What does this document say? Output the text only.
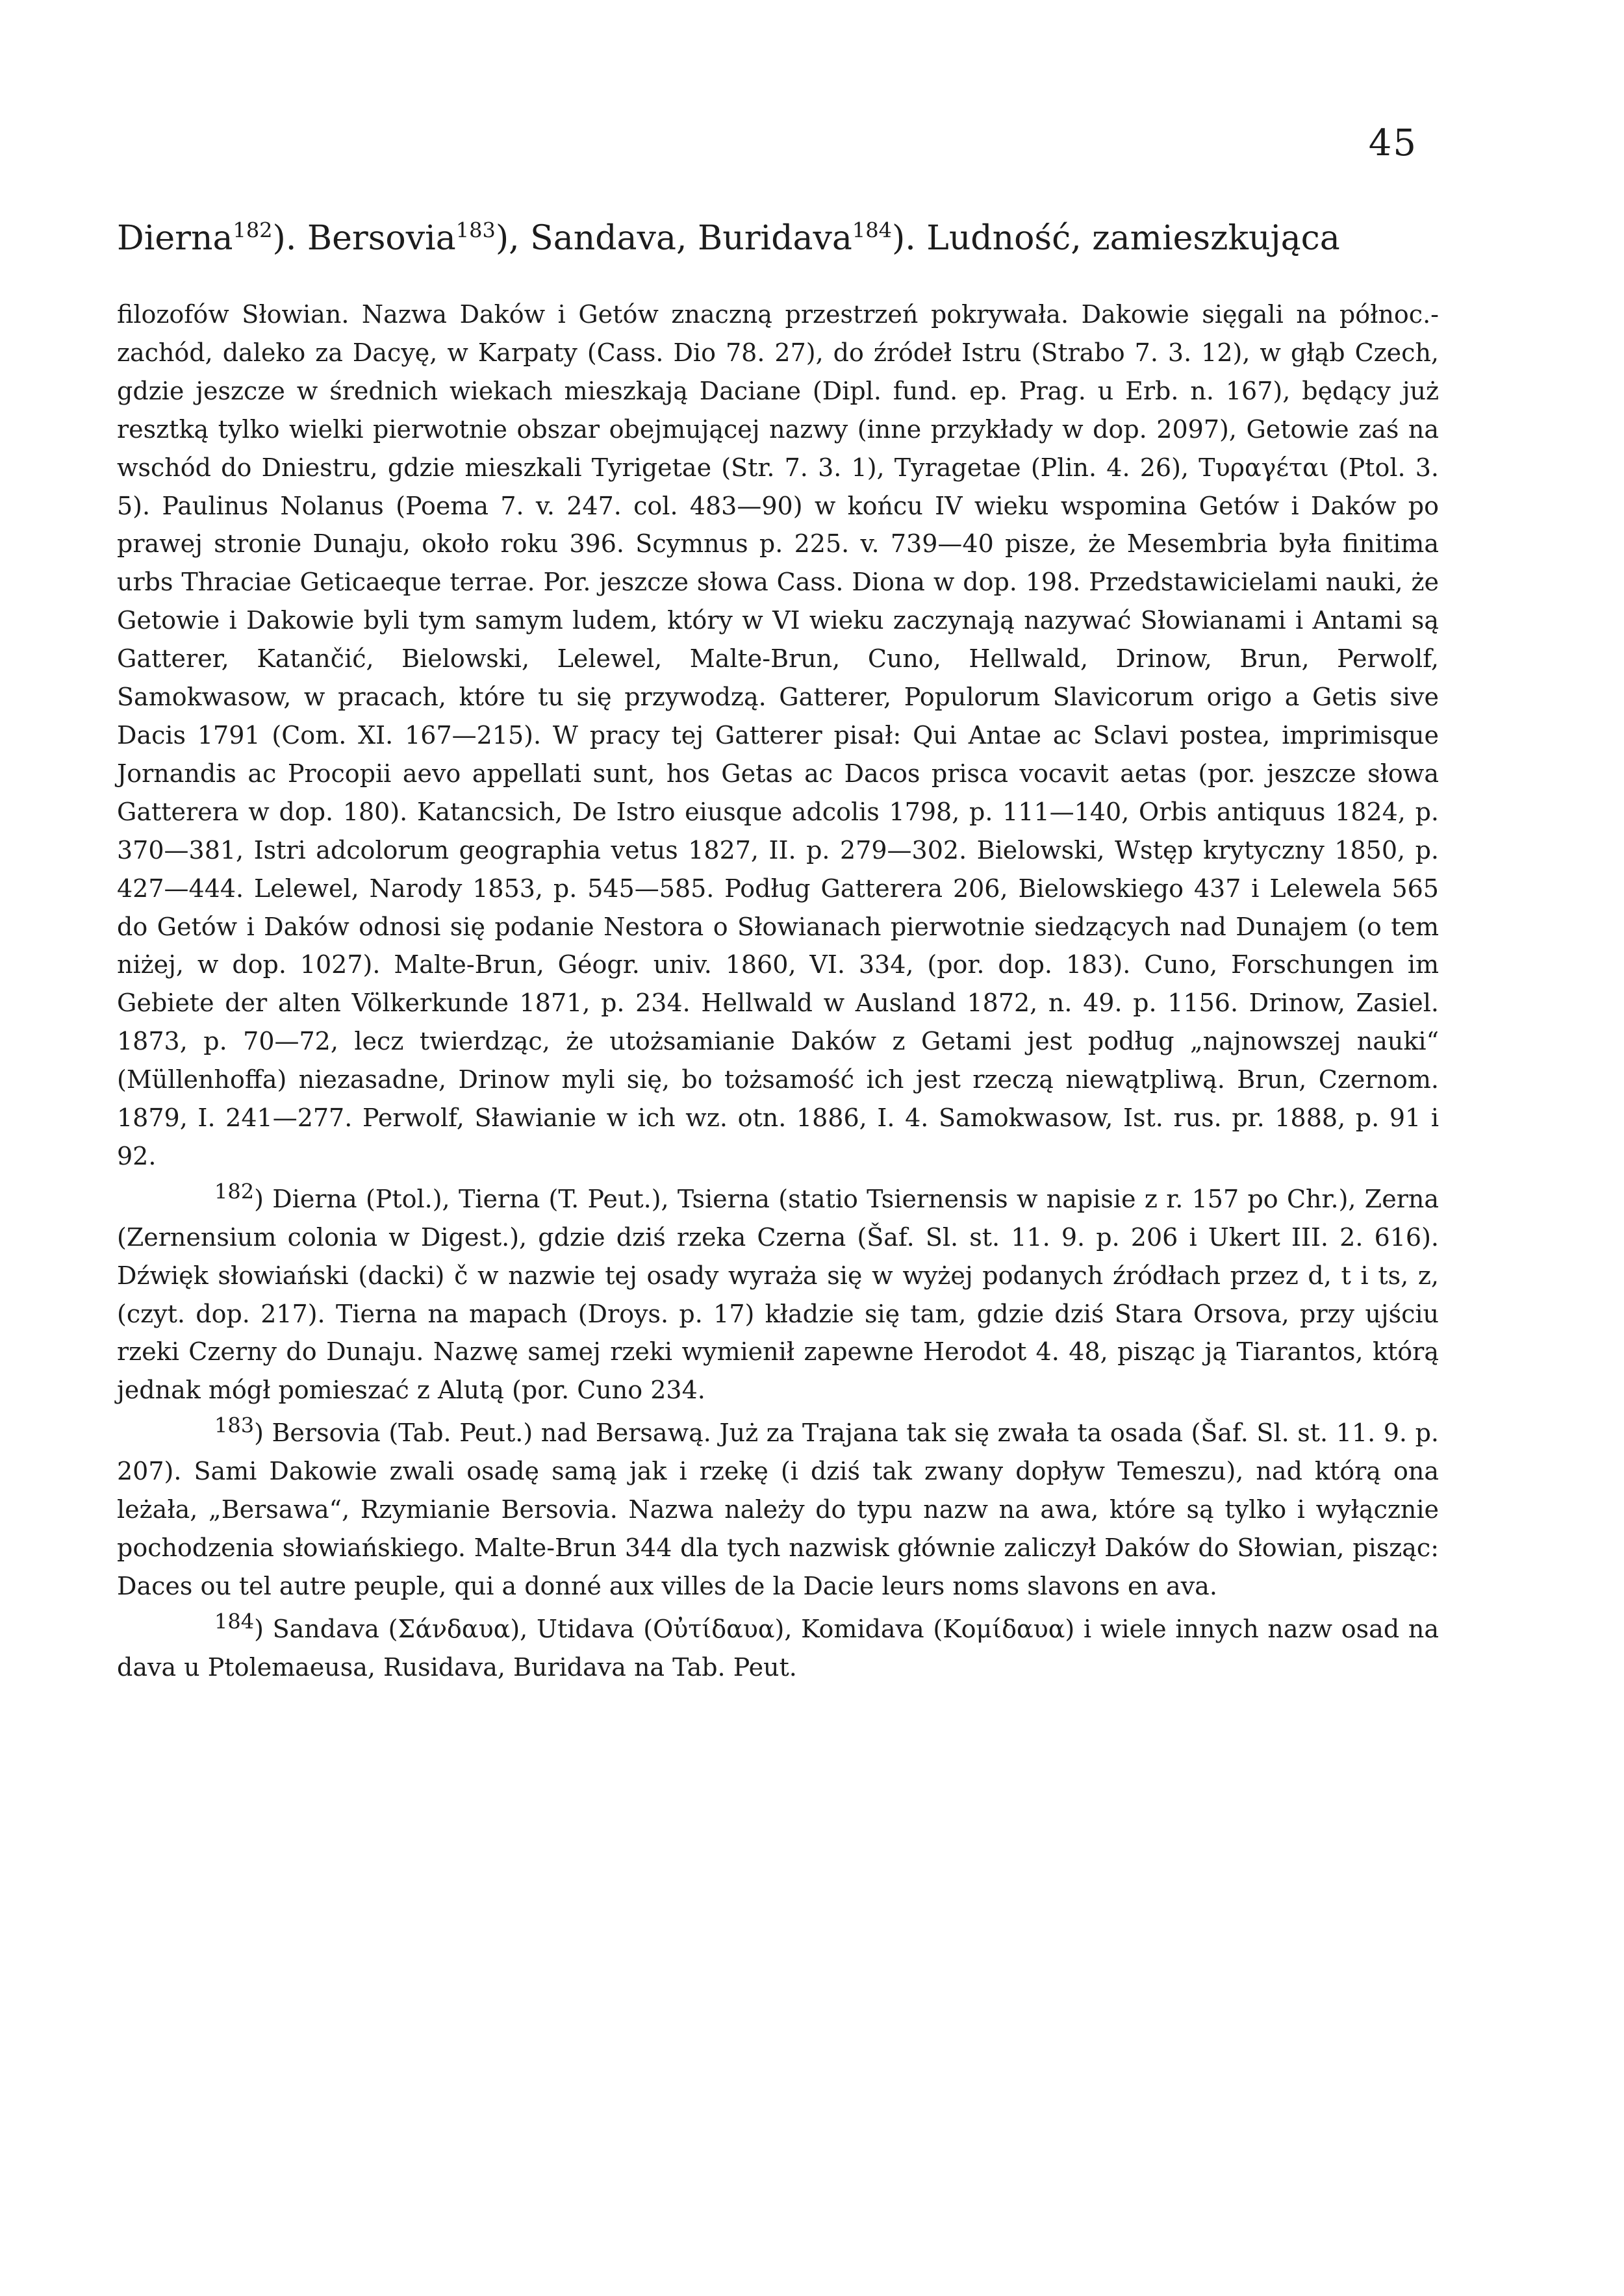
45
Dierna$^{182}$). Bersovia$^{183}$), Sandava, Buridava$^{184}$). Ludność, zamieszkująca

filozofów Słowian. Nazwa Daków i Getów znaczną przestrzeń pokrywała. Dakowie sięgali na północ.-zachód, daleko za Dacyę, w Karpaty (Cass. Dio 78. 27), do źródeł Istru (Strabo 7. 3. 12), w głąb Czech, gdzie jeszcze w średnich wiekach mieszkają Daciane (Dipl. fund. ep. Prag. u Erb. n. 167), będący już resztką tylko wielki pierwotnie obszar obejmującej nazwy (inne przykłady w dop. 2097), Getowie zaś na wschód do Dniestru, gdzie mieszkali Tyrigetae (Str. 7. 3. 1), Tyragetae (Plin. 4. 26), Τυραγέται (Ptol. 3. 5). Paulinus Nolanus (Poema 7. v. 247. col. 483—90) w końcu IV wieku wspomina Getów i Daków po prawej stronie Dunaju, około roku 396. Scymnus p. 225. v. 739—40 pisze, że Mesembria była finitima urbs Thraciae Geticaeque terrae. Por. jeszcze słowa Cass. Diona w dop. 198. Przedstawicielami nauki, że Getowie i Dakowie byli tym samym ludem, który w VI wieku zaczynają nazywać Słowianami i Antami są Gatterer, Katančić, Bielowski, Lelewel, Malte-Brun, Cuno, Hellwald, Drinow, Brun, Perwolf, Samokwasow, w pracach, które tu się przywodzą. Gatterer, Populorum Slavicorum origo a Getis sive Dacis 1791 (Com. XI. 167—215). W pracy tej Gatterer pisał: Qui Antae ac Sclavi postea, imprimisque Jornandis ac Procopii aevo appellati sunt, hos Getas ac Dacos prisca vocavit aetas (por. jeszcze słowa Gatterera w dop. 180). Katancsich, De Istro eiusque adcolis 1798, p. 111—140, Orbis antiquus 1824, p. 370—381, Istri adcolorum geographia vetus 1827, II. p. 279—302. Bielowski, Wstęp krytyczny 1850, p. 427—444. Lelewel, Narody 1853, p. 545—585. Podług Gatterera 206, Bielowskiego 437 i Lelewela 565 do Getów i Daków odnosi się podanie Nestora o Słowianach pierwotnie siedzących nad Dunajem (o tem niżej, w dop. 1027). Malte-Brun, Géogr. univ. 1860, VI. 334, (por. dop. 183). Cuno, Forschungen im Gebiete der alten Völkerkunde 1871, p. 234. Hellwald w Ausland 1872, n. 49. p. 1156. Drinow, Zasiel. 1873, p. 70—72, lecz twierdząc, że utożsamianie Daków z Getami jest podług „najnowszej nauki“ (Müllenhoffa) niezasadne, Drinow myli się, bo tożsamość ich jest rzeczą niewątpliwą. Brun, Czernom. 1879, I. 241—277. Perwolf, Sławianie w ich wz. otn. 1886, I. 4. Samokwasow, Ist. rus. pr. 1888, p. 91 i 92.

$^{182}$) Dierna (Ptol.), Tierna (T. Peut.), Tsierna (statio Tsiernensis w napisie z r. 157 po Chr.), Zerna (Zernensium colonia w Digest.), gdzie dziś rzeka Czerna (Šaf. Sl. st. 11. 9. p. 206 i Ukert III. 2. 616). Dźwięk słowiański (dacki) č w nazwie tej osady wyraża się w wyżej podanych źródłach przez d, t i ts, z, (czyt. dop. 217). Tierna na mapach (Droys. p. 17) kładzie się tam, gdzie dziś Stara Orsova, przy ujściu rzeki Czerny do Dunaju. Nazwę samej rzeki wymienił zapewne Herodot 4. 48, pisząc ją Tiarantos, którą jednak mógł pomieszać z Alutą (por. Cuno 234.

$^{183}$) Bersovia (Tab. Peut.) nad Bersawą. Już za Trajana tak się zwała ta osada (Šaf. Sl. st. 11. 9. p. 207). Sami Dakowie zwali osadę samą jak i rzekę (i dziś tak zwany dopływ Temeszu), nad którą ona leżała, „Bersawa“, Rzymianie Bersovia. Nazwa należy do typu nazw na awa, które są tylko i wyłącznie pochodzenia słowiańskiego. Malte-Brun 344 dla tych nazwisk głównie zaliczył Daków do Słowian, pisząc: Daces ou tel autre peuple, qui a donné aux villes de la Dacie leurs noms slavons en ava.

$^{184}$) Sandava (Σάνδαυα), Utidava (Οὐτίδαυα), Komidava (Κομίδαυα) i wiele innych nazw osad na dava u Ptolemaeusa, Rusidava, Buridava na Tab. Peut.
